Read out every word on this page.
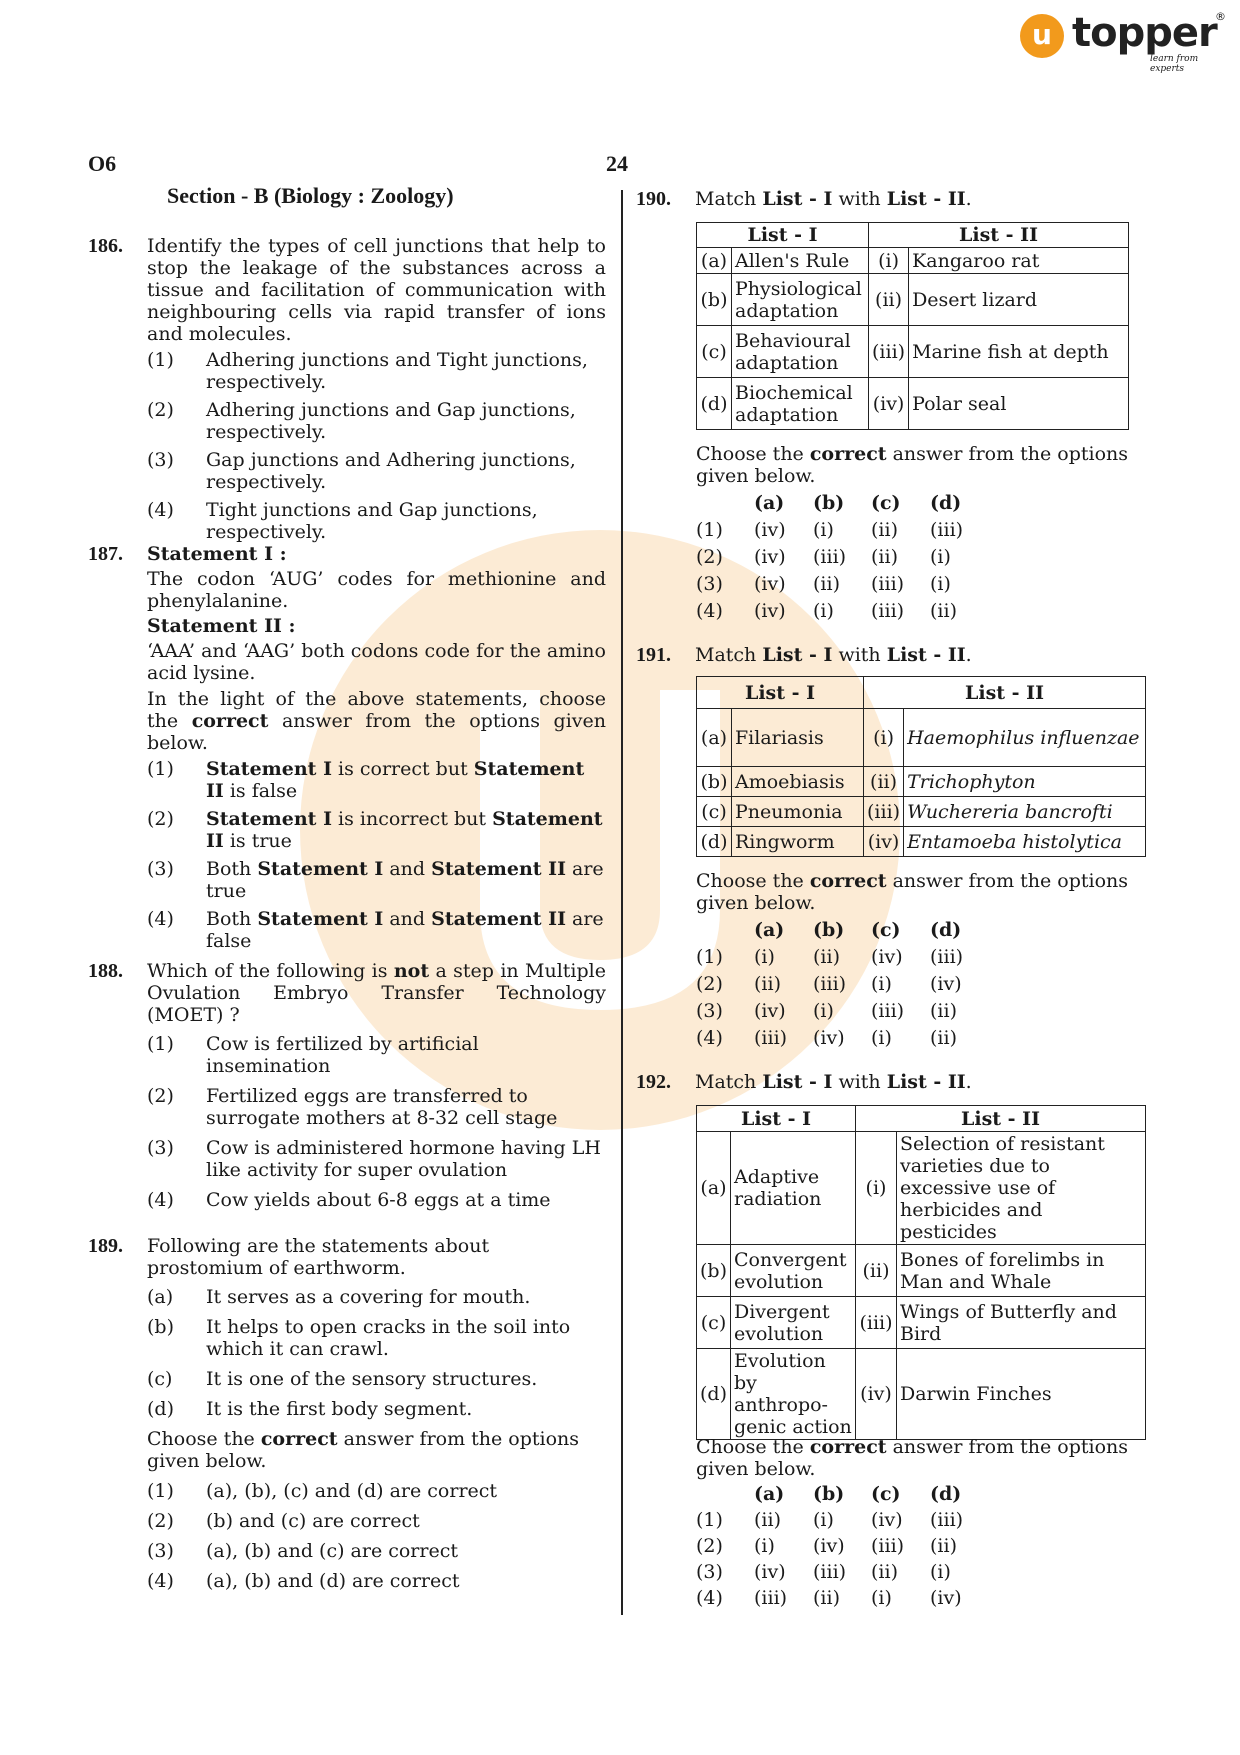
u topper
®
learn from experts
O6	24
Section - B (Biology : Zoology)
186. Identify the types of cell junctions that help to stop the leakage of the substances across a tissue and facilitation of communication with neighbouring cells via rapid transfer of ions and molecules.
(1) Adhering junctions and Tight junctions, respectively.
(2) Adhering junctions and Gap junctions, respectively.
(3) Gap junctions and Adhering junctions, respectively.
(4) Tight junctions and Gap junctions, respectively.
187. Statement I :
The codon ‘AUG’ codes for methionine and phenylalanine.
Statement II :
‘AAA’ and ‘AAG’ both codons code for the amino acid lysine.
In the light of the above statements, choose the correct answer from the options given below.
(1) Statement I is correct but Statement II is false
(2) Statement I is incorrect but Statement II is true
(3) Both Statement I and Statement II are true
(4) Both Statement I and Statement II are false
188. Which of the following is not a step in Multiple Ovulation Embryo Transfer Technology (MOET) ?
(1) Cow is fertilized by artificial insemination
(2) Fertilized eggs are transferred to surrogate mothers at 8-32 cell stage
(3) Cow is administered hormone having LH like activity for super ovulation
(4) Cow yields about 6-8 eggs at a time
189. Following are the statements about prostomium of earthworm.
(a) It serves as a covering for mouth.
(b) It helps to open cracks in the soil into which it can crawl.
(c) It is one of the sensory structures.
(d) It is the first body segment.
Choose the correct answer from the options given below.
(1) (a), (b), (c) and (d) are correct
(2) (b) and (c) are correct
(3) (a), (b) and (c) are correct
(4) (a), (b) and (d) are correct
190. Match List - I with List - II.
List - I		List - II	
(a)	Allen's Rule	(i)	Kangaroo rat
(b)	Physiological adaptation	(ii)	Desert lizard
(c)	Behavioural adaptation	(iii)	Marine fish at depth
(d)	Biochemical adaptation	(iv)	Polar seal
Choose the correct answer from the options given below.
(a) (b) (c) (d)
(1) (iv) (i) (ii) (iii)
(2) (iv) (iii) (ii) (i)
(3) (iv) (ii) (iii) (i)
(4) (iv) (i) (iii) (ii)
191. Match List - I with List - II.
List - I		List - II	
(a)	Filariasis	(i)	Haemophilus influenzae
(b)	Amoebiasis	(ii)	Trichophyton
(c)	Pneumonia	(iii)	Wuchereria bancrofti
(d)	Ringworm	(iv)	Entamoeba histolytica
Choose the correct answer from the options given below.
(a) (b) (c) (d)
(1) (i) (ii) (iv) (iii)
(2) (ii) (iii) (i) (iv)
(3) (iv) (i) (iii) (ii)
(4) (iii) (iv) (i) (ii)
192. Match List - I with List - II.
List - I		List - II	
(a)	Adaptive radiation	(i)	Selection of resistant varieties due to excessive use of herbicides and pesticides
(b)	Convergent evolution	(ii)	Bones of forelimbs in Man and Whale
(c)	Divergent evolution	(iii)	Wings of Butterfly and Bird
(d)	Evolution by anthropo- genic action	(iv)	Darwin Finches
Choose the correct answer from the options given below.
(a) (b) (c) (d)
(1) (ii) (i) (iv) (iii)
(2) (i) (iv) (iii) (ii)
(3) (iv) (iii) (ii) (i)
(4) (iii) (ii) (i) (iv)
